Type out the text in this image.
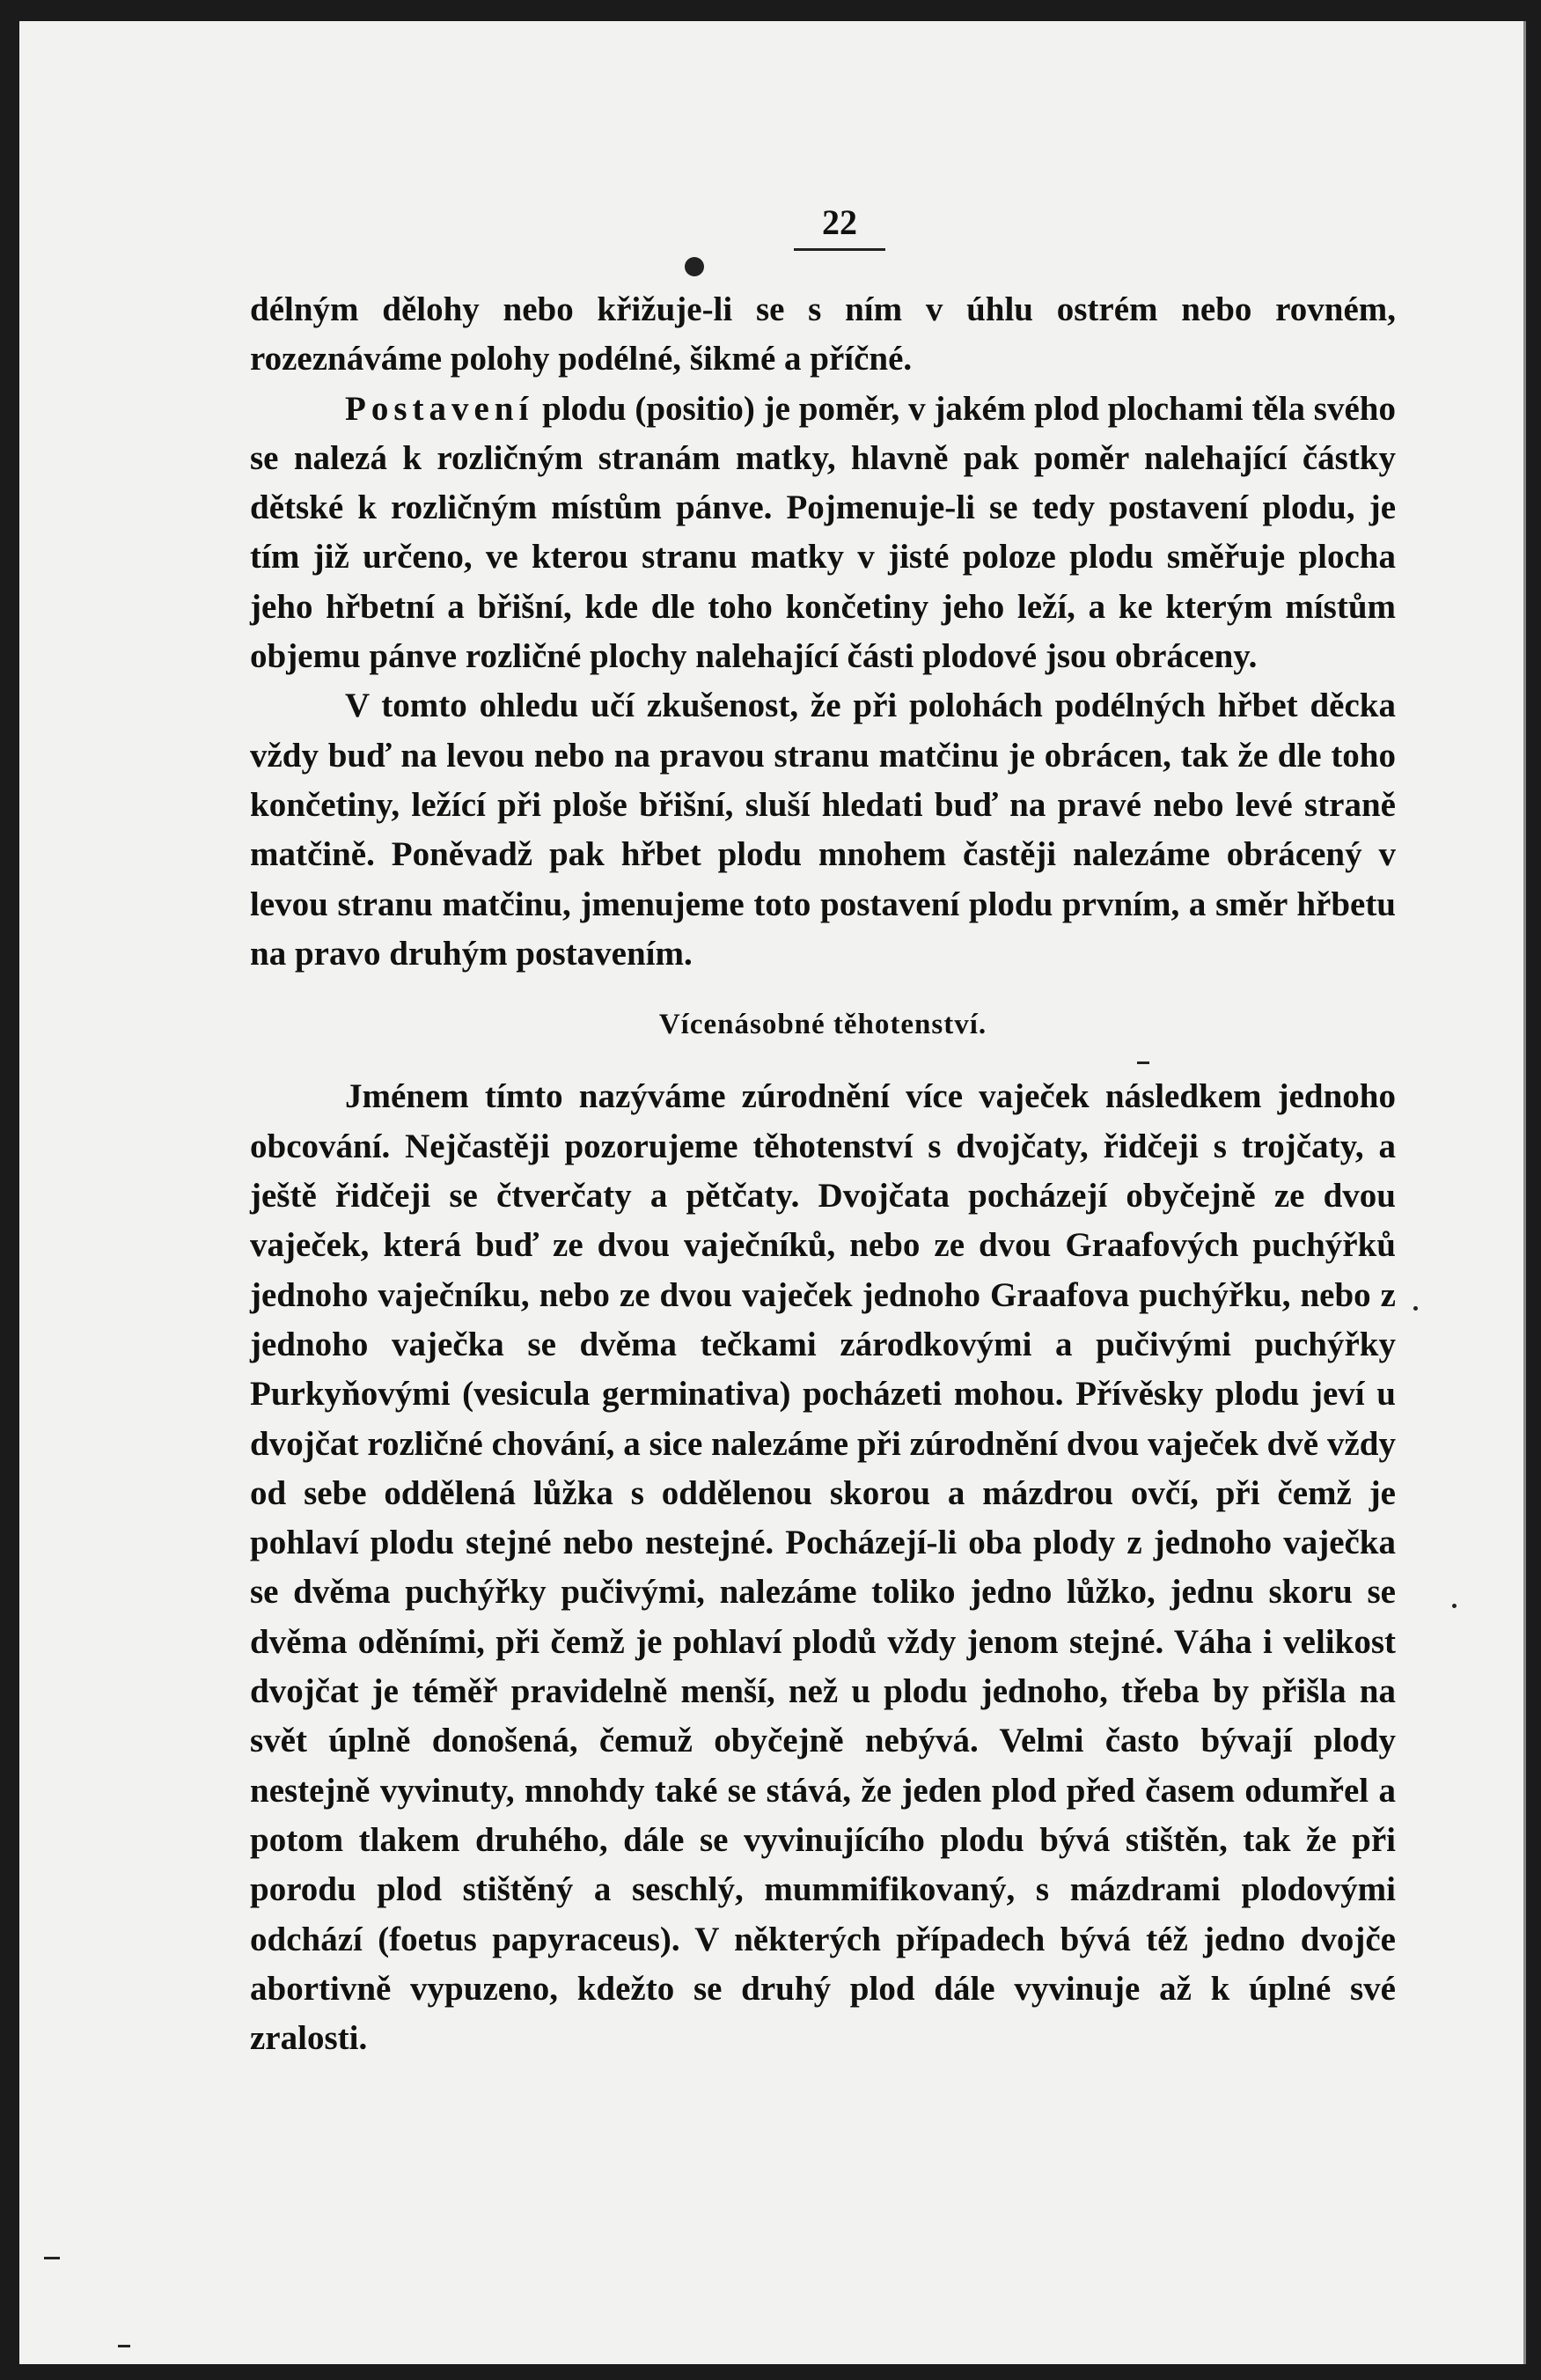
22

délným dělohy nebo křižuje-li se s ním v úhlu ostrém nebo rovném, rozeznáváme polohy podélné, šikmé a příčné.

Postavení plodu (positio) je poměr, v jakém plod plochami těla svého se nalezá k rozličným stranám matky, hlavně pak poměr nalehající částky dětské k rozličným místům pánve. Pojmenuje-li se tedy postavení plodu, je tím již určeno, ve kterou stranu matky v jisté poloze plodu směřuje plocha jeho hřbetní a břišní, kde dle toho končetiny jeho leží, a ke kterým místům objemu pánve rozličné plochy nalehající části plodové jsou obráceny.

V tomto ohledu učí zkušenost, že při polohách podélných hřbet děcka vždy buď na levou nebo na pravou stranu matčinu je obrácen, tak že dle toho končetiny, ležící při ploše břišní, sluší hledati buď na pravé nebo levé straně matčině. Poněvadž pak hřbet plodu mnohem častěji nalezáme obrácený v levou stranu matčinu, jmenujeme toto postavení plodu prvním, a směr hřbetu na pravo druhým postavením.

Vícenásobné těhotenství.

Jménem tímto nazýváme zúrodnění více vaječek následkem jednoho obcování. Nejčastěji pozorujeme těhotenství s dvojčaty, řidčeji s trojčaty, a ještě řidčeji se čtverčaty a pětčaty. Dvojčata pocházejí obyčejně ze dvou vaječek, která buď ze dvou vaječníků, nebo ze dvou Graafových puchýřků jednoho vaječníku, nebo ze dvou vaječek jednoho Graafova puchýřku, nebo z jednoho vaječka se dvěma tečkami zárodkovými a pučivými puchýřky Purkyňovými (vesicula germinativa) pocházeti mohou. Přívěsky plodu jeví u dvojčat rozličné chování, a sice nalezáme při zúrodnění dvou vaječek dvě vždy od sebe oddělená lůžka s oddělenou skorou a mázdrou ovčí, při čemž je pohlaví plodu stejné nebo nestejné. Pocházejí-li oba plody z jednoho vaječka se dvěma puchýřky pučivými, nalezáme toliko jedno lůžko, jednu skoru se dvěma oděními, při čemž je pohlaví plodů vždy jenom stejné. Váha i velikost dvojčat je téměř pravidelně menší, než u plodu jednoho, třeba by přišla na svět úplně donošená, čemuž obyčejně nebývá. Velmi často bývají plody nestejně vyvinuty, mnohdy také se stává, že jeden plod před časem odumřel a potom tlakem druhého, dále se vyvinujícího plodu bývá stištěn, tak že při porodu plod stištěný a seschlý, mummifikovaný, s mázdrami plodovými odchází (foetus papyraceus). V některých případech bývá též jedno dvojče abortivně vypuzeno, kdežto se druhý plod dále vyvinuje až k úplné své zralosti.
